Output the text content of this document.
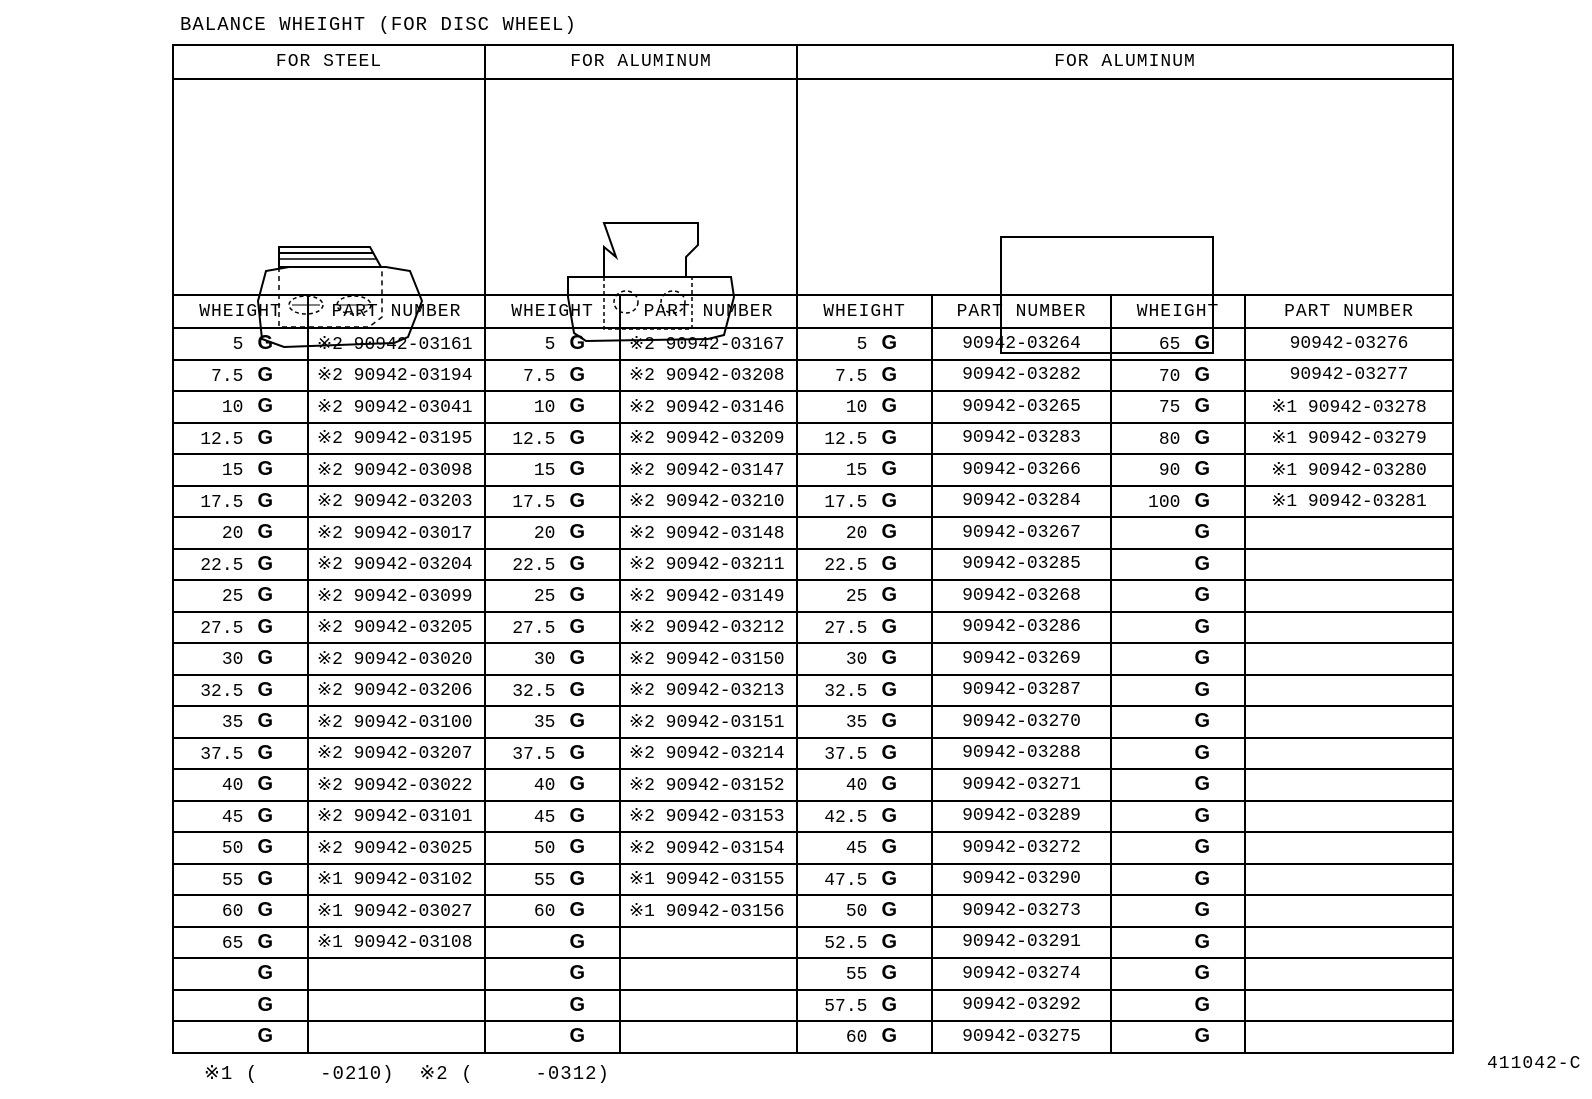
BALANCE WHEIGHT (FOR DISC WHEEL)
FOR STEEL		FOR ALUMINUM		FOR ALUMINUM			

WHEIGHT	PART NUMBER	WHEIGHT	PART NUMBER	WHEIGHT	PART NUMBER	WHEIGHT	PART NUMBER
5 G	※2 90942-03161	5 G	※2 90942-03167	5 G	90942-03264	65 G	90942-03276
7.5 G	※2 90942-03194	7.5 G	※2 90942-03208	7.5 G	90942-03282	70 G	90942-03277
10 G	※2 90942-03041	10 G	※2 90942-03146	10 G	90942-03265	75 G	※1 90942-03278
12.5 G	※2 90942-03195	12.5 G	※2 90942-03209	12.5 G	90942-03283	80 G	※1 90942-03279
15 G	※2 90942-03098	15 G	※2 90942-03147	15 G	90942-03266	90 G	※1 90942-03280
17.5 G	※2 90942-03203	17.5 G	※2 90942-03210	17.5 G	90942-03284	100 G	※1 90942-03281
20 G	※2 90942-03017	20 G	※2 90942-03148	20 G	90942-03267	G	
22.5 G	※2 90942-03204	22.5 G	※2 90942-03211	22.5 G	90942-03285	G	
25 G	※2 90942-03099	25 G	※2 90942-03149	25 G	90942-03268	G	
27.5 G	※2 90942-03205	27.5 G	※2 90942-03212	27.5 G	90942-03286	G	
30 G	※2 90942-03020	30 G	※2 90942-03150	30 G	90942-03269	G	
32.5 G	※2 90942-03206	32.5 G	※2 90942-03213	32.5 G	90942-03287	G	
35 G	※2 90942-03100	35 G	※2 90942-03151	35 G	90942-03270	G	
37.5 G	※2 90942-03207	37.5 G	※2 90942-03214	37.5 G	90942-03288	G	
40 G	※2 90942-03022	40 G	※2 90942-03152	40 G	90942-03271	G	
45 G	※2 90942-03101	45 G	※2 90942-03153	42.5 G	90942-03289	G	
50 G	※2 90942-03025	50 G	※2 90942-03154	45 G	90942-03272	G	
55 G	※1 90942-03102	55 G	※1 90942-03155	47.5 G	90942-03290	G	
60 G	※1 90942-03027	60 G	※1 90942-03156	50 G	90942-03273	G	
65 G	※1 90942-03108	G		52.5 G	90942-03291	G	
G		G		55 G	90942-03274	G	
G		G		57.5 G	90942-03292	G	
G		G		60 G	90942-03275	G	
※1 (     -0210)  ※2 (     -0312)	411042-C
